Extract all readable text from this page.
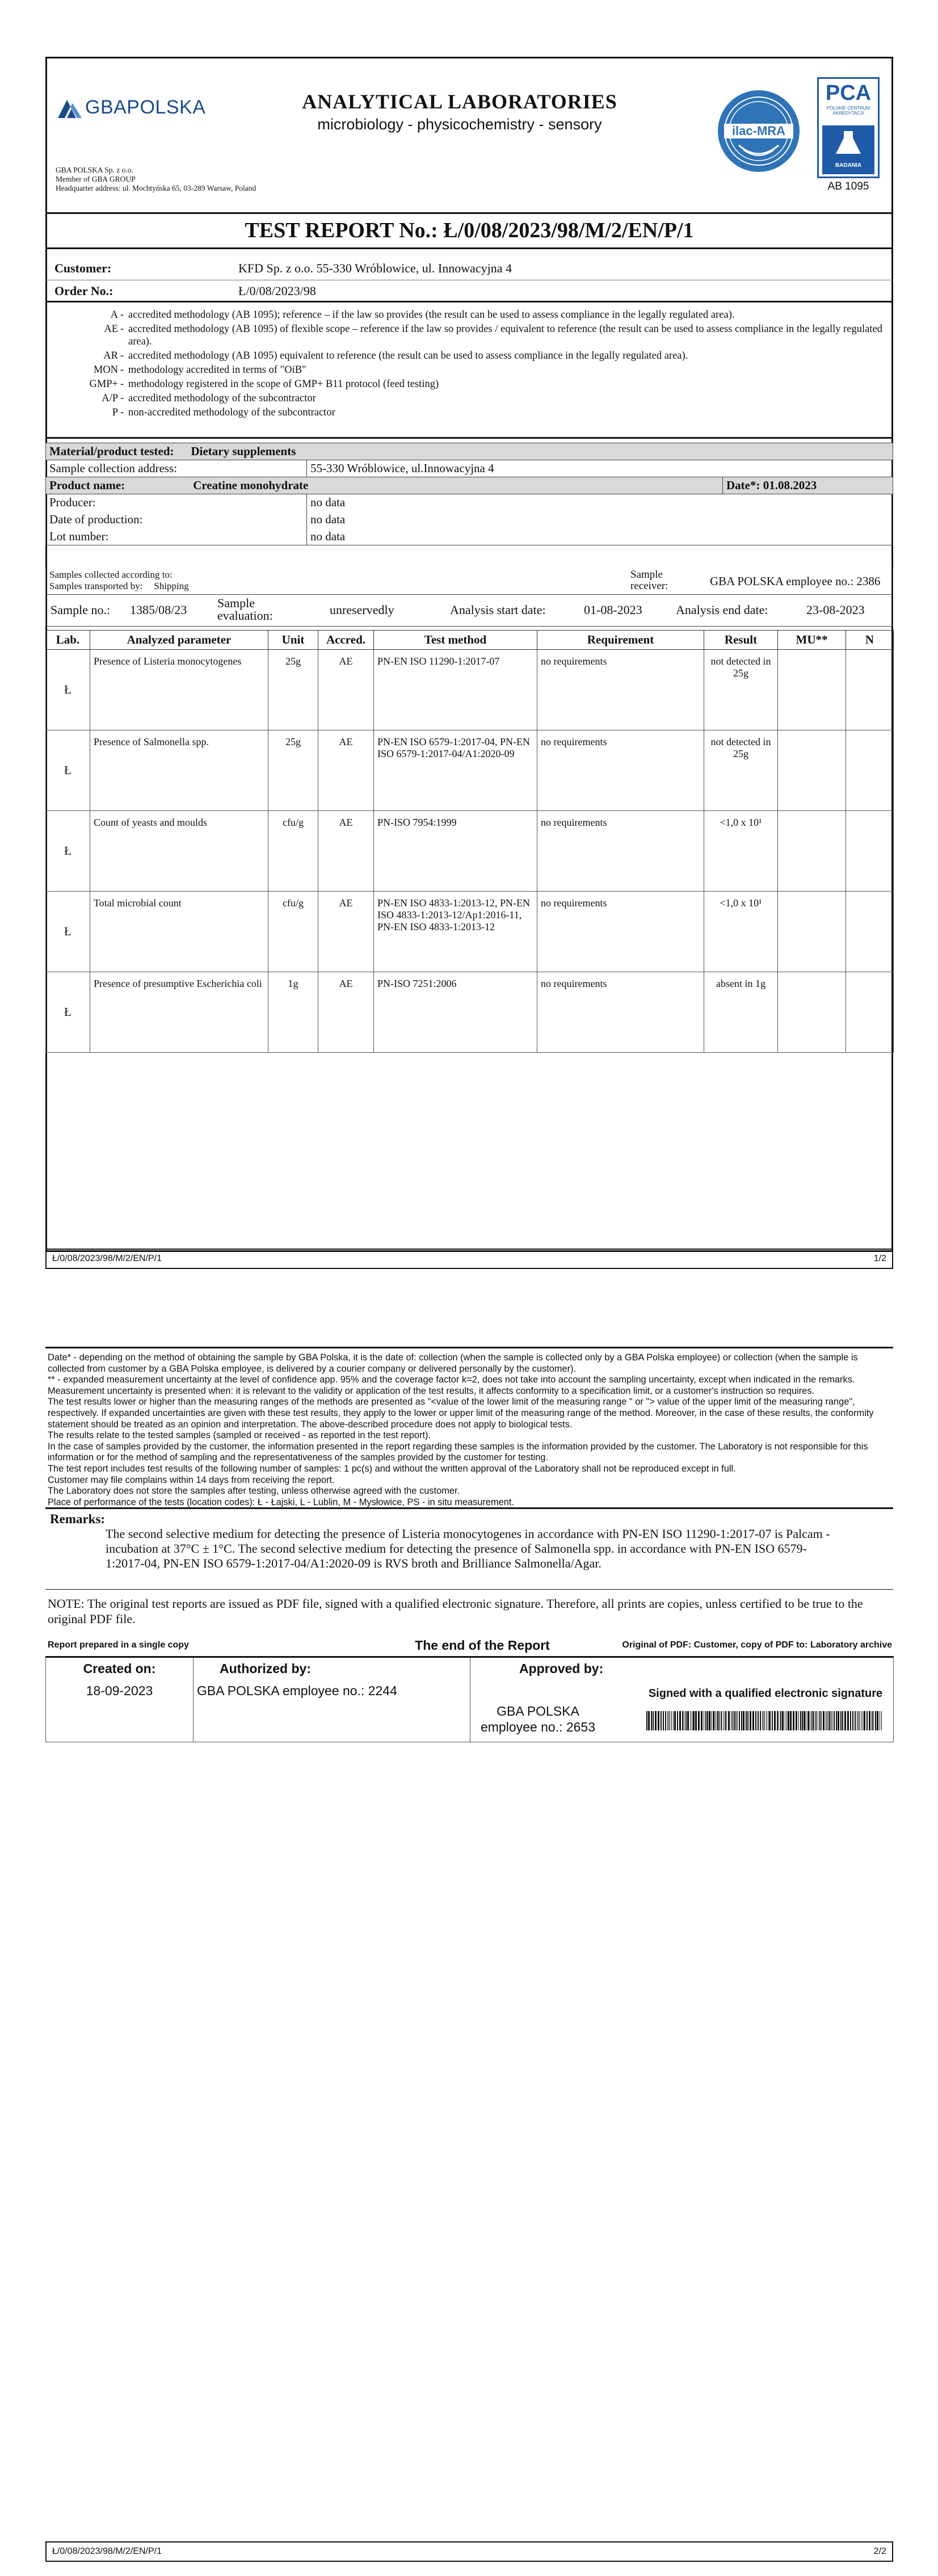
GBAPOLSKA	ANALYTICAL LABORATORIES
microbiology - physicochemistry - sensory
GBA POLSKA Sp. z o.o.
Member of GBA GROUP
Headquarter address: ul. Mochtyńska 65, 03-289 Warsaw, Poland
ilac-MRA
PCA
POLSKIE CENTRUM AKREDYTACJI
BADANIA
AB 1095
TEST REPORT No.: Ł/0/08/2023/98/M/2/EN/P/1
Customer:	KFD Sp. z o.o. 55-330 Wróblowice, ul. Innowacyjna 4
Order No.:	Ł/0/08/2023/98
A - accredited methodology (AB 1095); reference – if the law so provides (the result can be used to assess compliance in the legally regulated area).
AE - accredited methodology (AB 1095) of flexible scope – reference if the law so provides / equivalent to reference (the result can be used to assess compliance in the legally regulated area).
AR - accredited methodology (AB 1095) equivalent to reference (the result can be used to assess compliance in the legally regulated area).
MON - methodology accredited in terms of "OiB"
GMP+ - methodology registered in the scope of GMP+ B11 protocol (feed testing)
A/P - accredited methodology of the subcontractor
P - non-accredited methodology of the subcontractor
Material/product tested: Dietary supplements		
Sample collection address:	55-330 Wróblowice, ul.Innowacyjna 4	
Product name: Creatine monohydrate		Date*: 01.08.2023
Producer:	no data	
Date of production:	no data	
Lot number:	no data	
Samples collected according to:
Samples transported by: Shipping
Sample receiver:	GBA POLSKA employee no.: 2386
Sample no.: 1385/08/23 Sample evaluation:	unreservedly	Analysis start date:	01-08-2023	Analysis end date:	23-08-2023
Lab.	Analyzed parameter	Unit	Accred.	Test method	Requirement	Result	MU**	N
Ł	Presence of Listeria monocytogenes	25g	AE	PN-EN ISO 11290-1:2017-07	no requirements	not detected in 25g		
Ł	Presence of Salmonella spp.	25g	AE	PN-EN ISO 6579-1:2017-04, PN-EN ISO 6579-1:2017-04/A1:2020-09	no requirements	not detected in 25g		
Ł	Count of yeasts and moulds	cfu/g	AE	PN-ISO 7954:1999	no requirements	<1,0 x 10¹		
Ł	Total microbial count	cfu/g	AE	PN-EN ISO 4833-1:2013-12, PN-EN ISO 4833-1:2013-12/Ap1:2016-11, PN-EN ISO 4833-1:2013-12	no requirements	<1,0 x 10¹		
Ł	Presence of presumptive Escherichia coli	1g	AE	PN-ISO 7251:2006	no requirements	absent in 1g		
Ł/0/08/2023/98/M/2/EN/P/1	1/2
Date* - depending on the method of obtaining the sample by GBA Polska, it is the date of: collection (when the sample is collected only by a GBA Polska employee) or collection (when the sample is collected from customer by a GBA Polska employee, is delivered by a courier company or delivered personally by the customer).
** - expanded measurement uncertainty at the level of confidence app. 95% and the coverage factor k=2, does not take into account the sampling uncertainty, except when indicated in the remarks.
Measurement uncertainty is presented when: it is relevant to the validity or application of the test results, it affects conformity to a specification limit, or a customer's instruction so requires.
The test results lower or higher than the measuring ranges of the methods are presented as "<value of the lower limit of the measuring range " or "> value of the upper limit of the measuring range", respectively. If expanded uncertainties are given with these test results, they apply to the lower or upper limit of the measuring range of the method. Moreover, in the case of these results, the conformity statement should be treated as an opinion and interpretation. The above-described procedure does not apply to biological tests.
The results relate to the tested samples (sampled or received - as reported in the test report).
In the case of samples provided by the customer, the information presented in the report regarding these samples is the information provided by the customer. The Laboratory is not responsible for this information or for the method of sampling and the representativeness of the samples provided by the customer for testing.
The test report includes test results of the following number of samples: 1 pc(s) and without the written approval of the Laboratory shall not be reproduced except in full.
Customer may file complains within 14 days from receiving the report.
The Laboratory does not store the samples after testing, unless otherwise agreed with the customer.
Place of performance of the tests (location codes): Ł - Łajski, L - Lublin, M - Mysłowice, PS - in situ measurement.
Remarks:
The second selective medium for detecting the presence of Listeria monocytogenes in accordance with PN-EN ISO 11290-1:2017-07 is Palcam - incubation at 37°C ± 1°C. The second selective medium for detecting the presence of Salmonella spp. in accordance with PN-EN ISO 6579-1:2017-04, PN-EN ISO 6579-1:2017-04/A1:2020-09 is RVS broth and Brilliance Salmonella/Agar.
NOTE: The original test reports are issued as PDF file, signed with a qualified electronic signature. Therefore, all prints are copies, unless certified to be true to the original PDF file.
Report prepared in a single copy	The end of the Report	Original of PDF: Customer, copy of PDF to: Laboratory archive
Created on:
18-09-2023

Authorized by:
GBA POLSKA employee no.: 2244

Approved by:
GBA POLSKA employee no.: 2653
Signed with a qualified electronic signature
Ł/0/08/2023/98/M/2/EN/P/1	2/2
